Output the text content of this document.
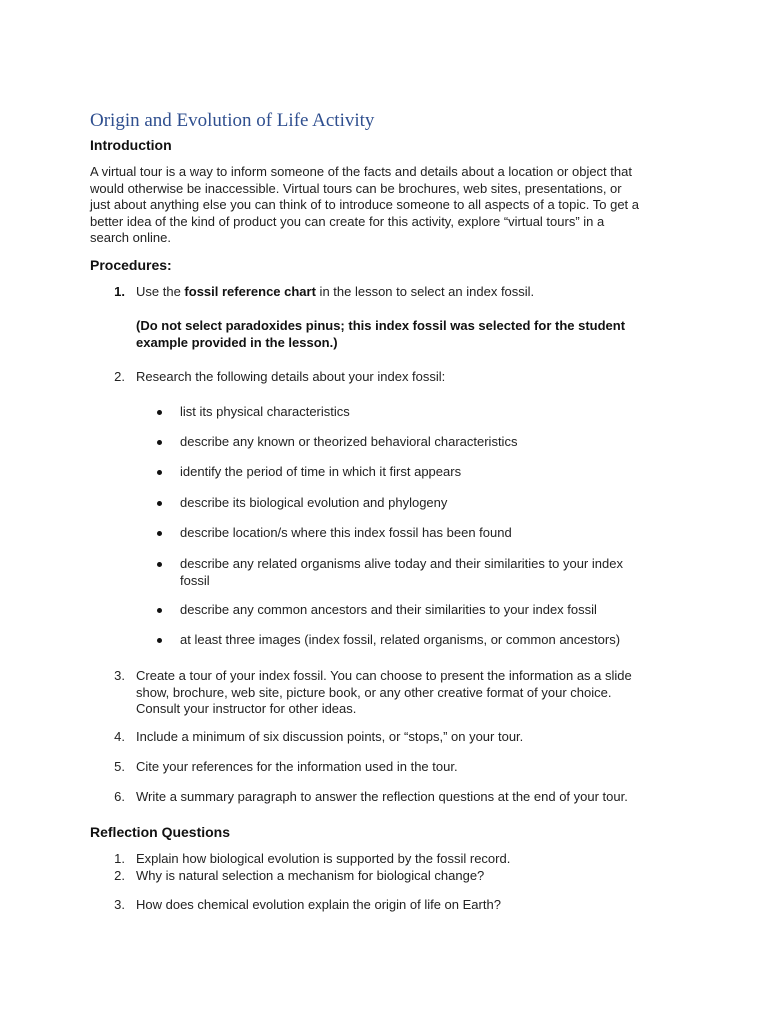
Origin and Evolution of Life Activity
Introduction
A virtual tour is a way to inform someone of the facts and details about a location or object that
would otherwise be inaccessible. Virtual tours can be brochures, web sites, presentations, or
just about anything else you can think of to introduce someone to all aspects of a topic. To get a
better idea of the kind of product you can create for this activity, explore “virtual tours” in a
search online.
Procedures:
1. Use the fossil reference chart in the lesson to select an index fossil.
(Do not select paradoxides pinus; this index fossil was selected for the student
example provided in the lesson.)
2. Research the following details about your index fossil:
list its physical characteristics
describe any known or theorized behavioral characteristics
identify the period of time in which it first appears
describe its biological evolution and phylogeny
describe location/s where this index fossil has been found
describe any related organisms alive today and their similarities to your index
fossil
describe any common ancestors and their similarities to your index fossil
at least three images (index fossil, related organisms, or common ancestors)
3. Create a tour of your index fossil. You can choose to present the information as a slide
show, brochure, web site, picture book, or any other creative format of your choice.
Consult your instructor for other ideas.
4. Include a minimum of six discussion points, or “stops,” on your tour.
5. Cite your references for the information used in the tour.
6. Write a summary paragraph to answer the reflection questions at the end of your tour.
Reflection Questions
1. Explain how biological evolution is supported by the fossil record.
2. Why is natural selection a mechanism for biological change?
3. How does chemical evolution explain the origin of life on Earth?
